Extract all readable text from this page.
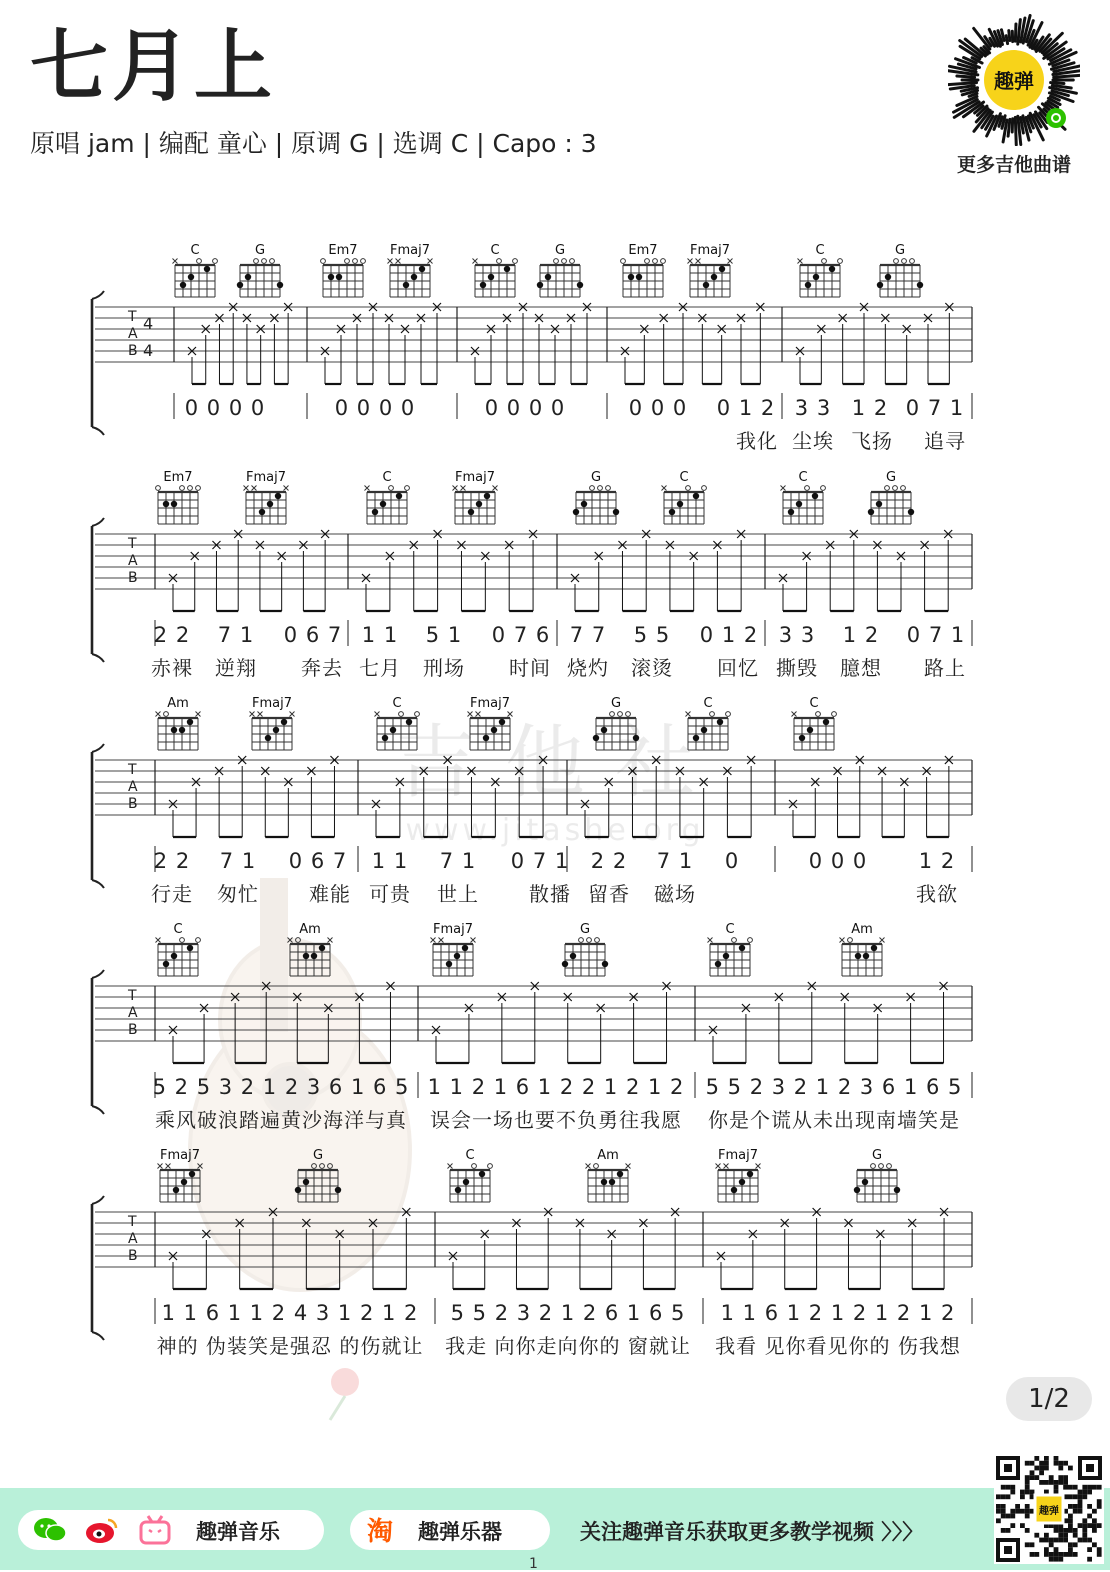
七月上
原唱 jam | 编配 童心 | 原调 G | 选调 C | Capo : 3
趣弹
更多吉他曲谱
吉他社
www.jitashe.org
T
A
B
4
4
C	G	Em7	Fmaj7	C	G	Em7	Fmaj7	C	G
0 0 0 0	0 0 0 0	0 0 0 0	0 0 0 0 1 2 3 3 1 2 0 7 1
我化 尘埃 飞扬 追寻
T
A
B
Em7	Fmaj7	C	Fmaj7	G	C	C	G
2 2 7 1 0 6 7 1 1 5 1 0 7 6 7 7 5 5 0 1 2 3 3 1 2 0 7 1
赤裸 逆翔 奔去 七月 刑场 时间 烧灼 滚烫 回忆 撕毁 臆想 路上
T
A
B
Am	Fmaj7	C	Fmaj7	G	C	C
2 2 7 1 0 6 7 1 1 7 1 0 7 1 2 2 7 1 0	0 0 0 1 2
行走 匆忙	难能 可贵 世上	散播 留香 磁场	我欲
T
A
B
C	Am	Fmaj7	G	C	Am
5 2 5 3 2 1 2 3 6 1 6 5 1 1 2 1 6 1 2 2 1 2 1 2 5 5 2 3 2 1 2 3 6 1 6 5
乘风破浪踏遍黄沙海洋与真 误会一场也要不负勇往我愿 你是个谎从未出现南墙笑是
T
A
B
Fmaj7	G	C	Am	Fmaj7	G
1 1 6 1 1 2 4 3 1 2 1 2 5 5 2 3 2 1 2 6 1 6 5 1 1 6 1 2 1 2 1 2 1 2
神的 伪装笑是强忍 的伤就让 我走 向你走向你的 窗就让 我看 见你看见你的 伤我想
1/2
趣弹音乐	淘 趣弹乐器	关注趣弹音乐获取更多教学视频 〉〉〉
趣弹
1
